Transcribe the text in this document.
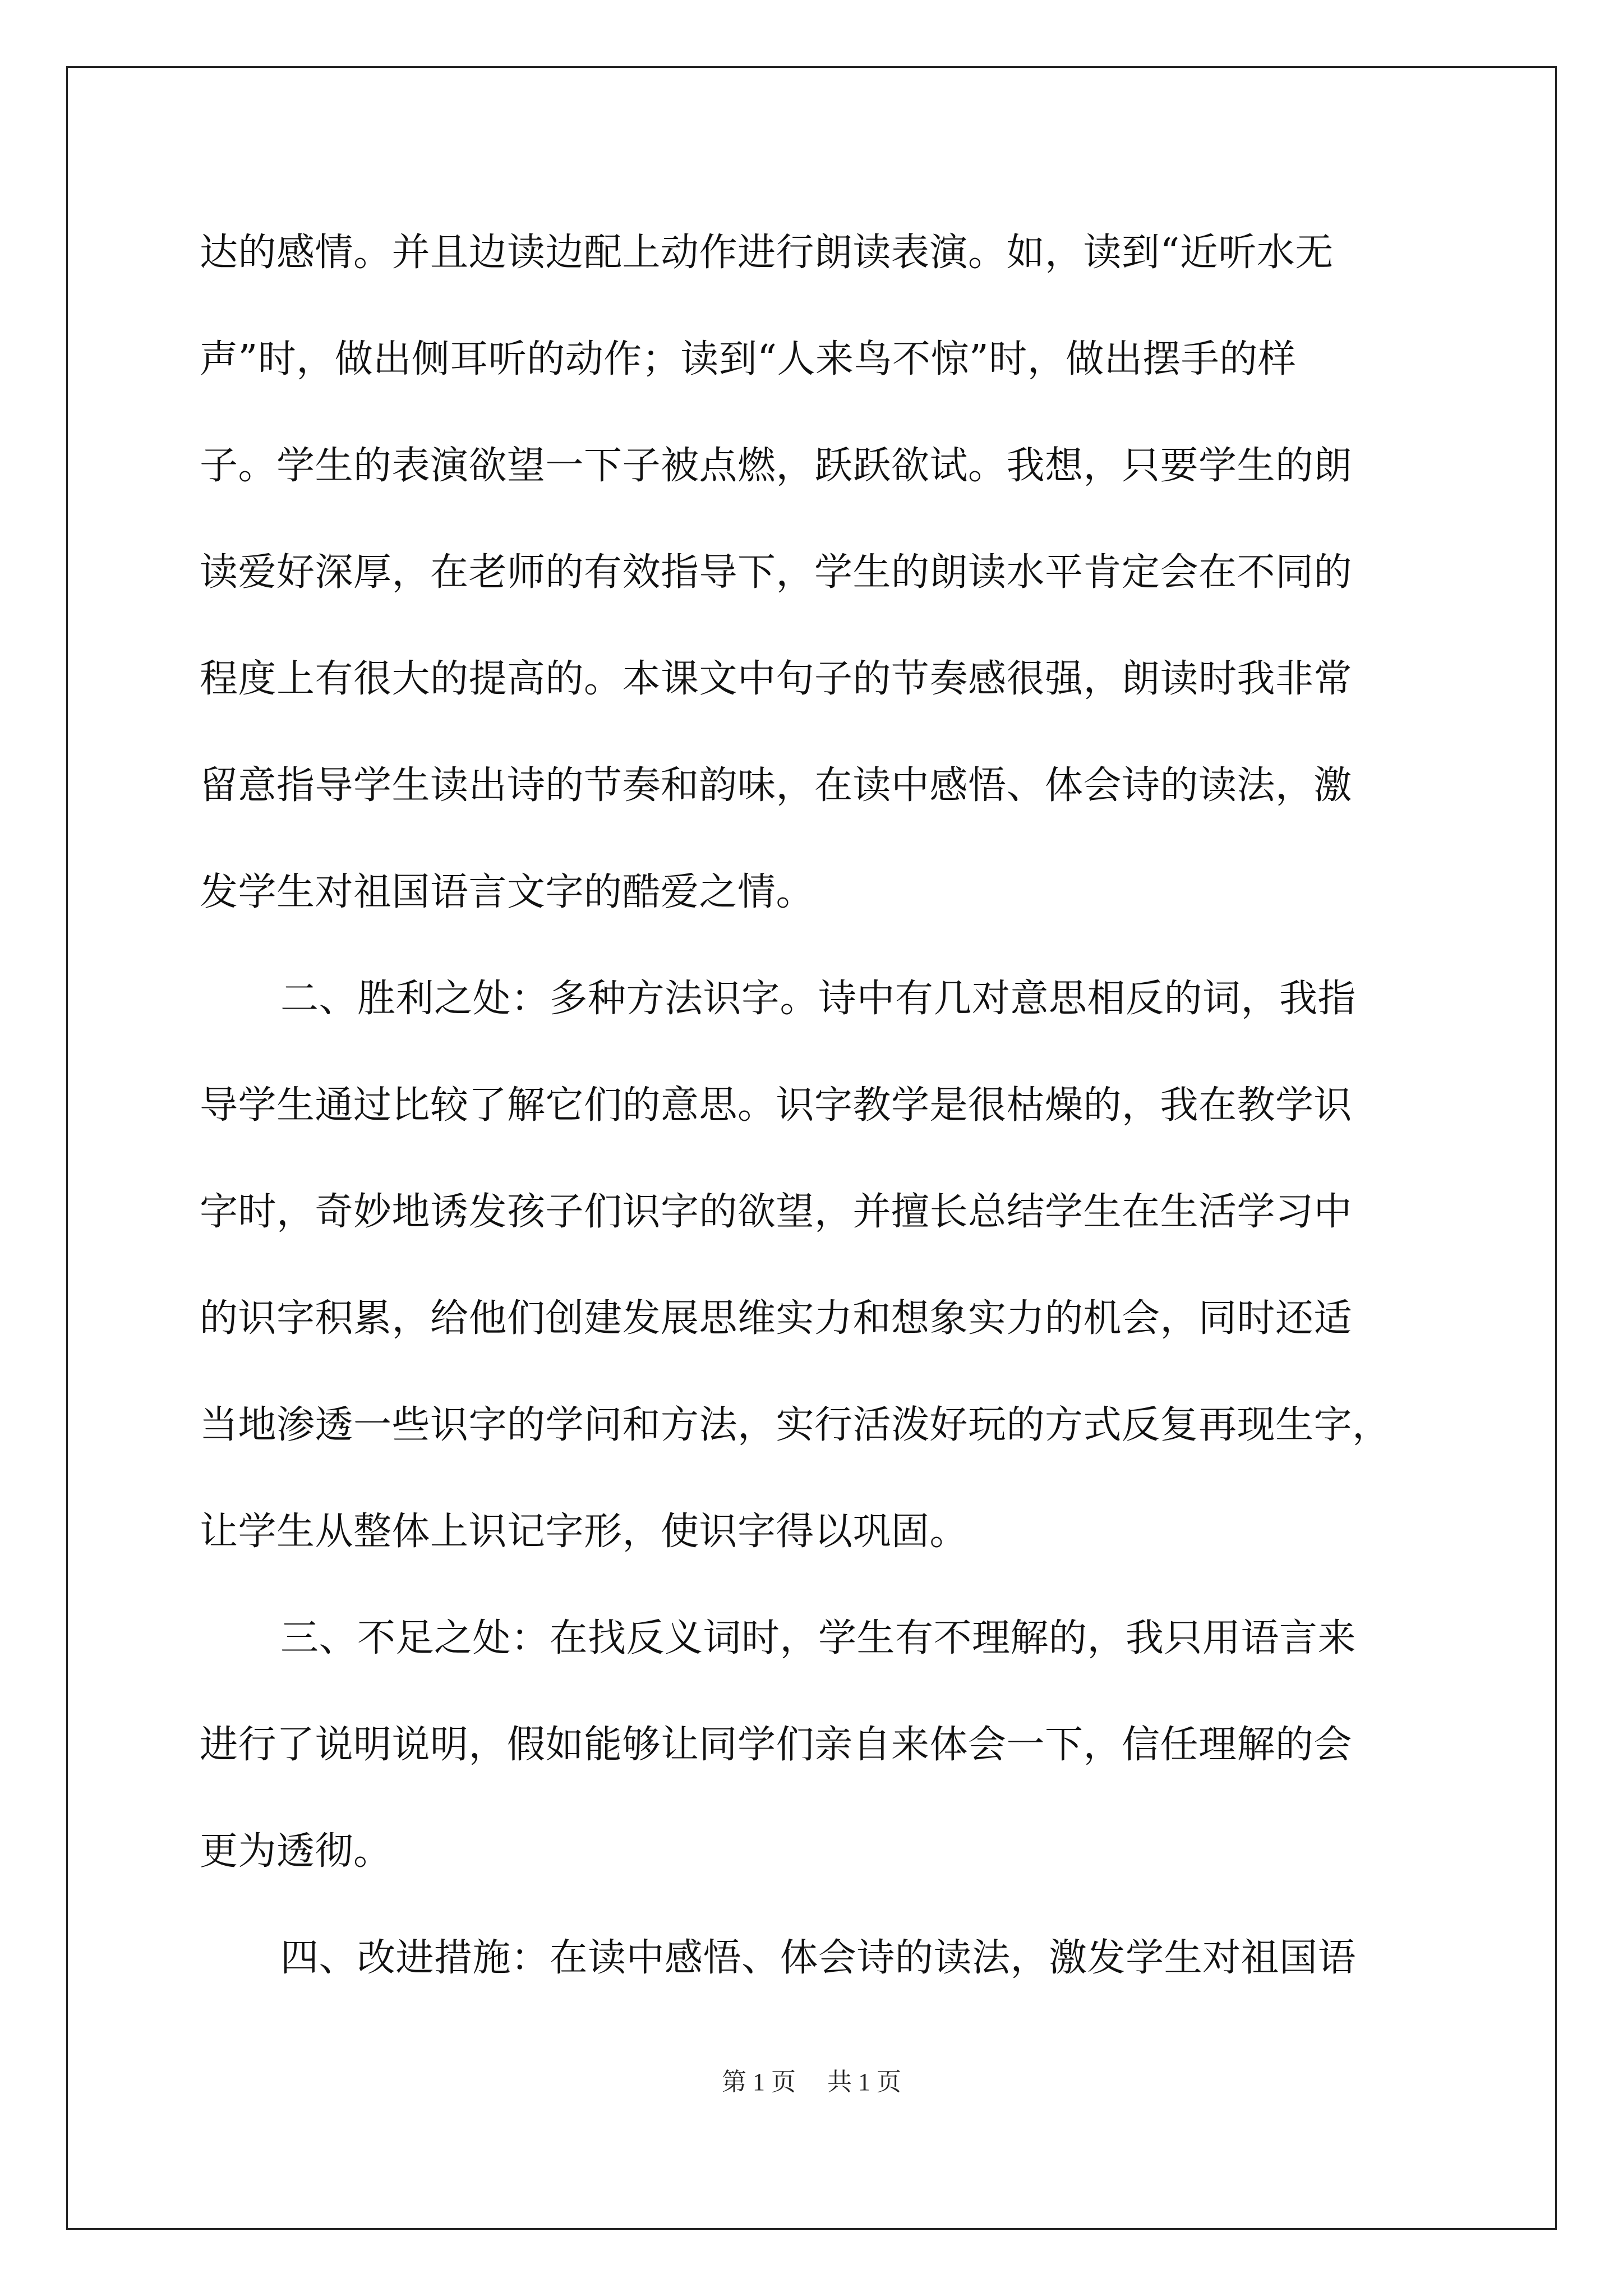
达的感情。并且边读边配上动作进行朗读表演。如，读到“近听水无
声”时，做出侧耳听的动作；读到“人来鸟不惊”时，做出摆手的样
子。学生的表演欲望一下子被点燃，跃跃欲试。我想，只要学生的朗
读爱好深厚，在老师的有效指导下，学生的朗读水平肯定会在不同的
程度上有很大的提高的。本课文中句子的节奏感很强，朗读时我非常
留意指导学生读出诗的节奏和韵味，在读中感悟、体会诗的读法，激
发学生对祖国语言文字的酷爱之情。
二、胜利之处：多种方法识字。诗中有几对意思相反的词，我指
导学生通过比较了解它们的意思。识字教学是很枯燥的，我在教学识
字时，奇妙地诱发孩子们识字的欲望，并擅长总结学生在生活学习中
的识字积累，给他们创建发展思维实力和想象实力的机会，同时还适
当地渗透一些识字的学问和方法，实行活泼好玩的方式反复再现生字，
让学生从整体上识记字形，使识字得以巩固。
三、不足之处：在找反义词时，学生有不理解的，我只用语言来
进行了说明说明，假如能够让同学们亲自来体会一下，信任理解的会
更为透彻。
四、改进措施：在读中感悟、体会诗的读法，激发学生对祖国语
第 1 页 共 1 页
